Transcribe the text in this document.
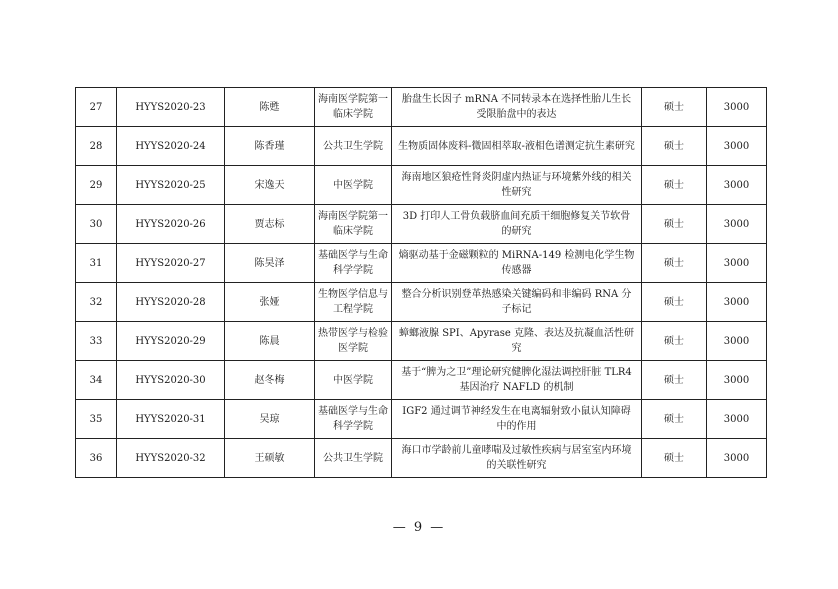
27	HYYS2020-23	陈甦	海南医学院第一临床学院	胎盘生长因子 mRNA 不同转录本在选择性胎儿生长受限胎盘中的表达	硕士	3000
28	HYYS2020-24	陈香瑾	公共卫生学院	生物质固体废料-微固相萃取-液相色谱测定抗生素研究	硕士	3000
29	HYYS2020-25	宋逸天	中医学院	海南地区狼疮性肾炎阴虚内热证与环境紫外线的相关性研究	硕士	3000
30	HYYS2020-26	贾志标	海南医学院第一临床学院	3D 打印人工骨负载脐血间充质干细胞修复关节软骨的研究	硕士	3000
31	HYYS2020-27	陈昊泽	基础医学与生命科学学院	熵驱动基于金磁颗粒的 MiRNA-149 检测电化学生物传感器	硕士	3000
32	HYYS2020-28	张娅	生物医学信息与工程学院	整合分析识别登革热感染关键编码和非编码 RNA 分子标记	硕士	3000
33	HYYS2020-29	陈晨	热带医学与检验医学院	蟑螂液腺 SPI、Apyrase 克隆、表达及抗凝血活性研究	硕士	3000
34	HYYS2020-30	赵冬梅	中医学院	基于“脾为之卫”理论研究健脾化湿法调控肝脏 TLR4 基因治疗 NAFLD 的机制	硕士	3000
35	HYYS2020-31	吴琼	基础医学与生命科学学院	IGF2 通过调节神经发生在电离辐射致小鼠认知障碍中的作用	硕士	3000
36	HYYS2020-32	王硕敏	公共卫生学院	海口市学龄前儿童哮喘及过敏性疾病与居室室内环境的关联性研究	硕士	3000
— 9 —
